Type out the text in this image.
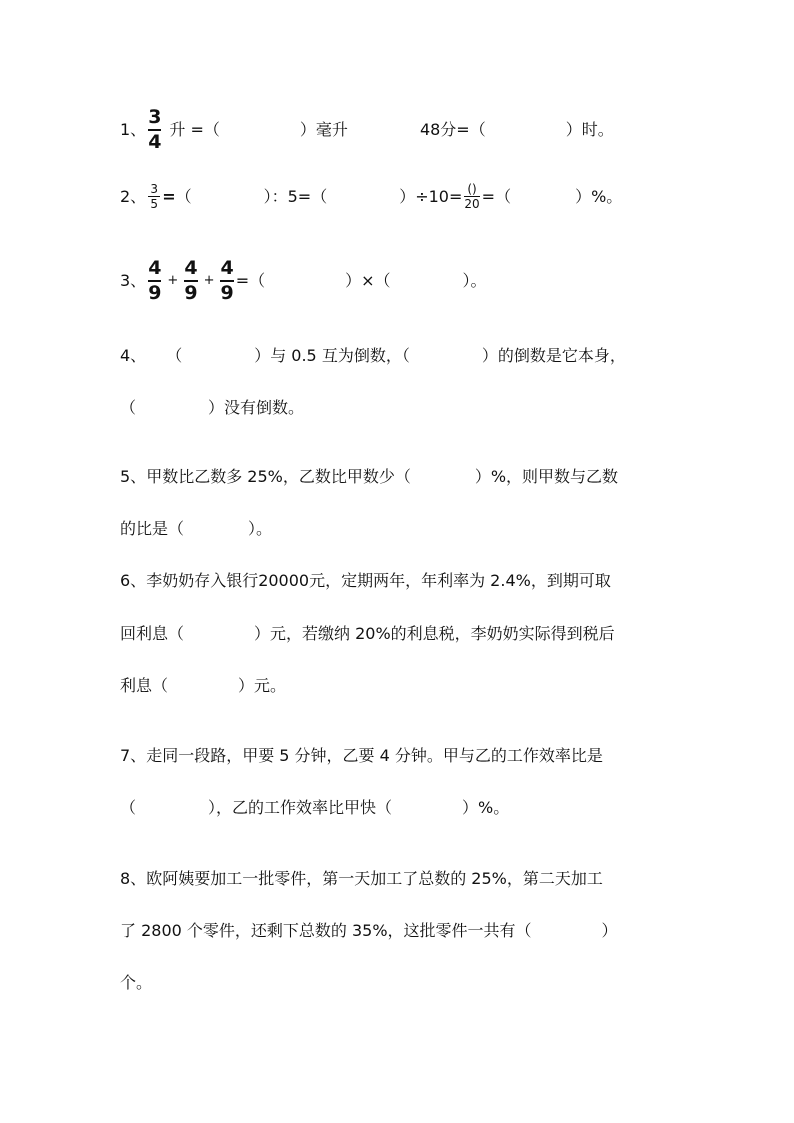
1、 $\frac{3}{4}$ 升 =（	）毫升	48分=（	）时。
2、 $\frac{3}{5}$ = （	）：5=（	）$\div 10= \frac{()}{20}$ =（	）%。
3、 $\frac{4}{9} + \frac{4}{9} + \frac{4}{9}$ =（	）×（	）。
4、 （	）与 0.5 互为倒数，（	）的倒数是它本身，
（	）没有倒数。
5、 甲数比乙数多 25%，乙数比甲数少（	）%，则甲数与乙数
的比是（	）。
6、 李奶奶存入银行20000元，定期两年，年利率为 2.4%，到期可取
回利息（	）元，若缴纳 20%的利息税，李奶奶实际得到税后
利息（	）元。
7、 走同一段路，甲要 5 分钟，乙要 4 分钟。甲与乙的工作效率比是
（	），乙的工作效率比甲快（	）%。
8、 欧阿姨要加工一批零件，第一天加工了总数的 25%，第二天加工
了 2800 个零件，还剩下总数的 35%，这批零件一共有（	）
个。
